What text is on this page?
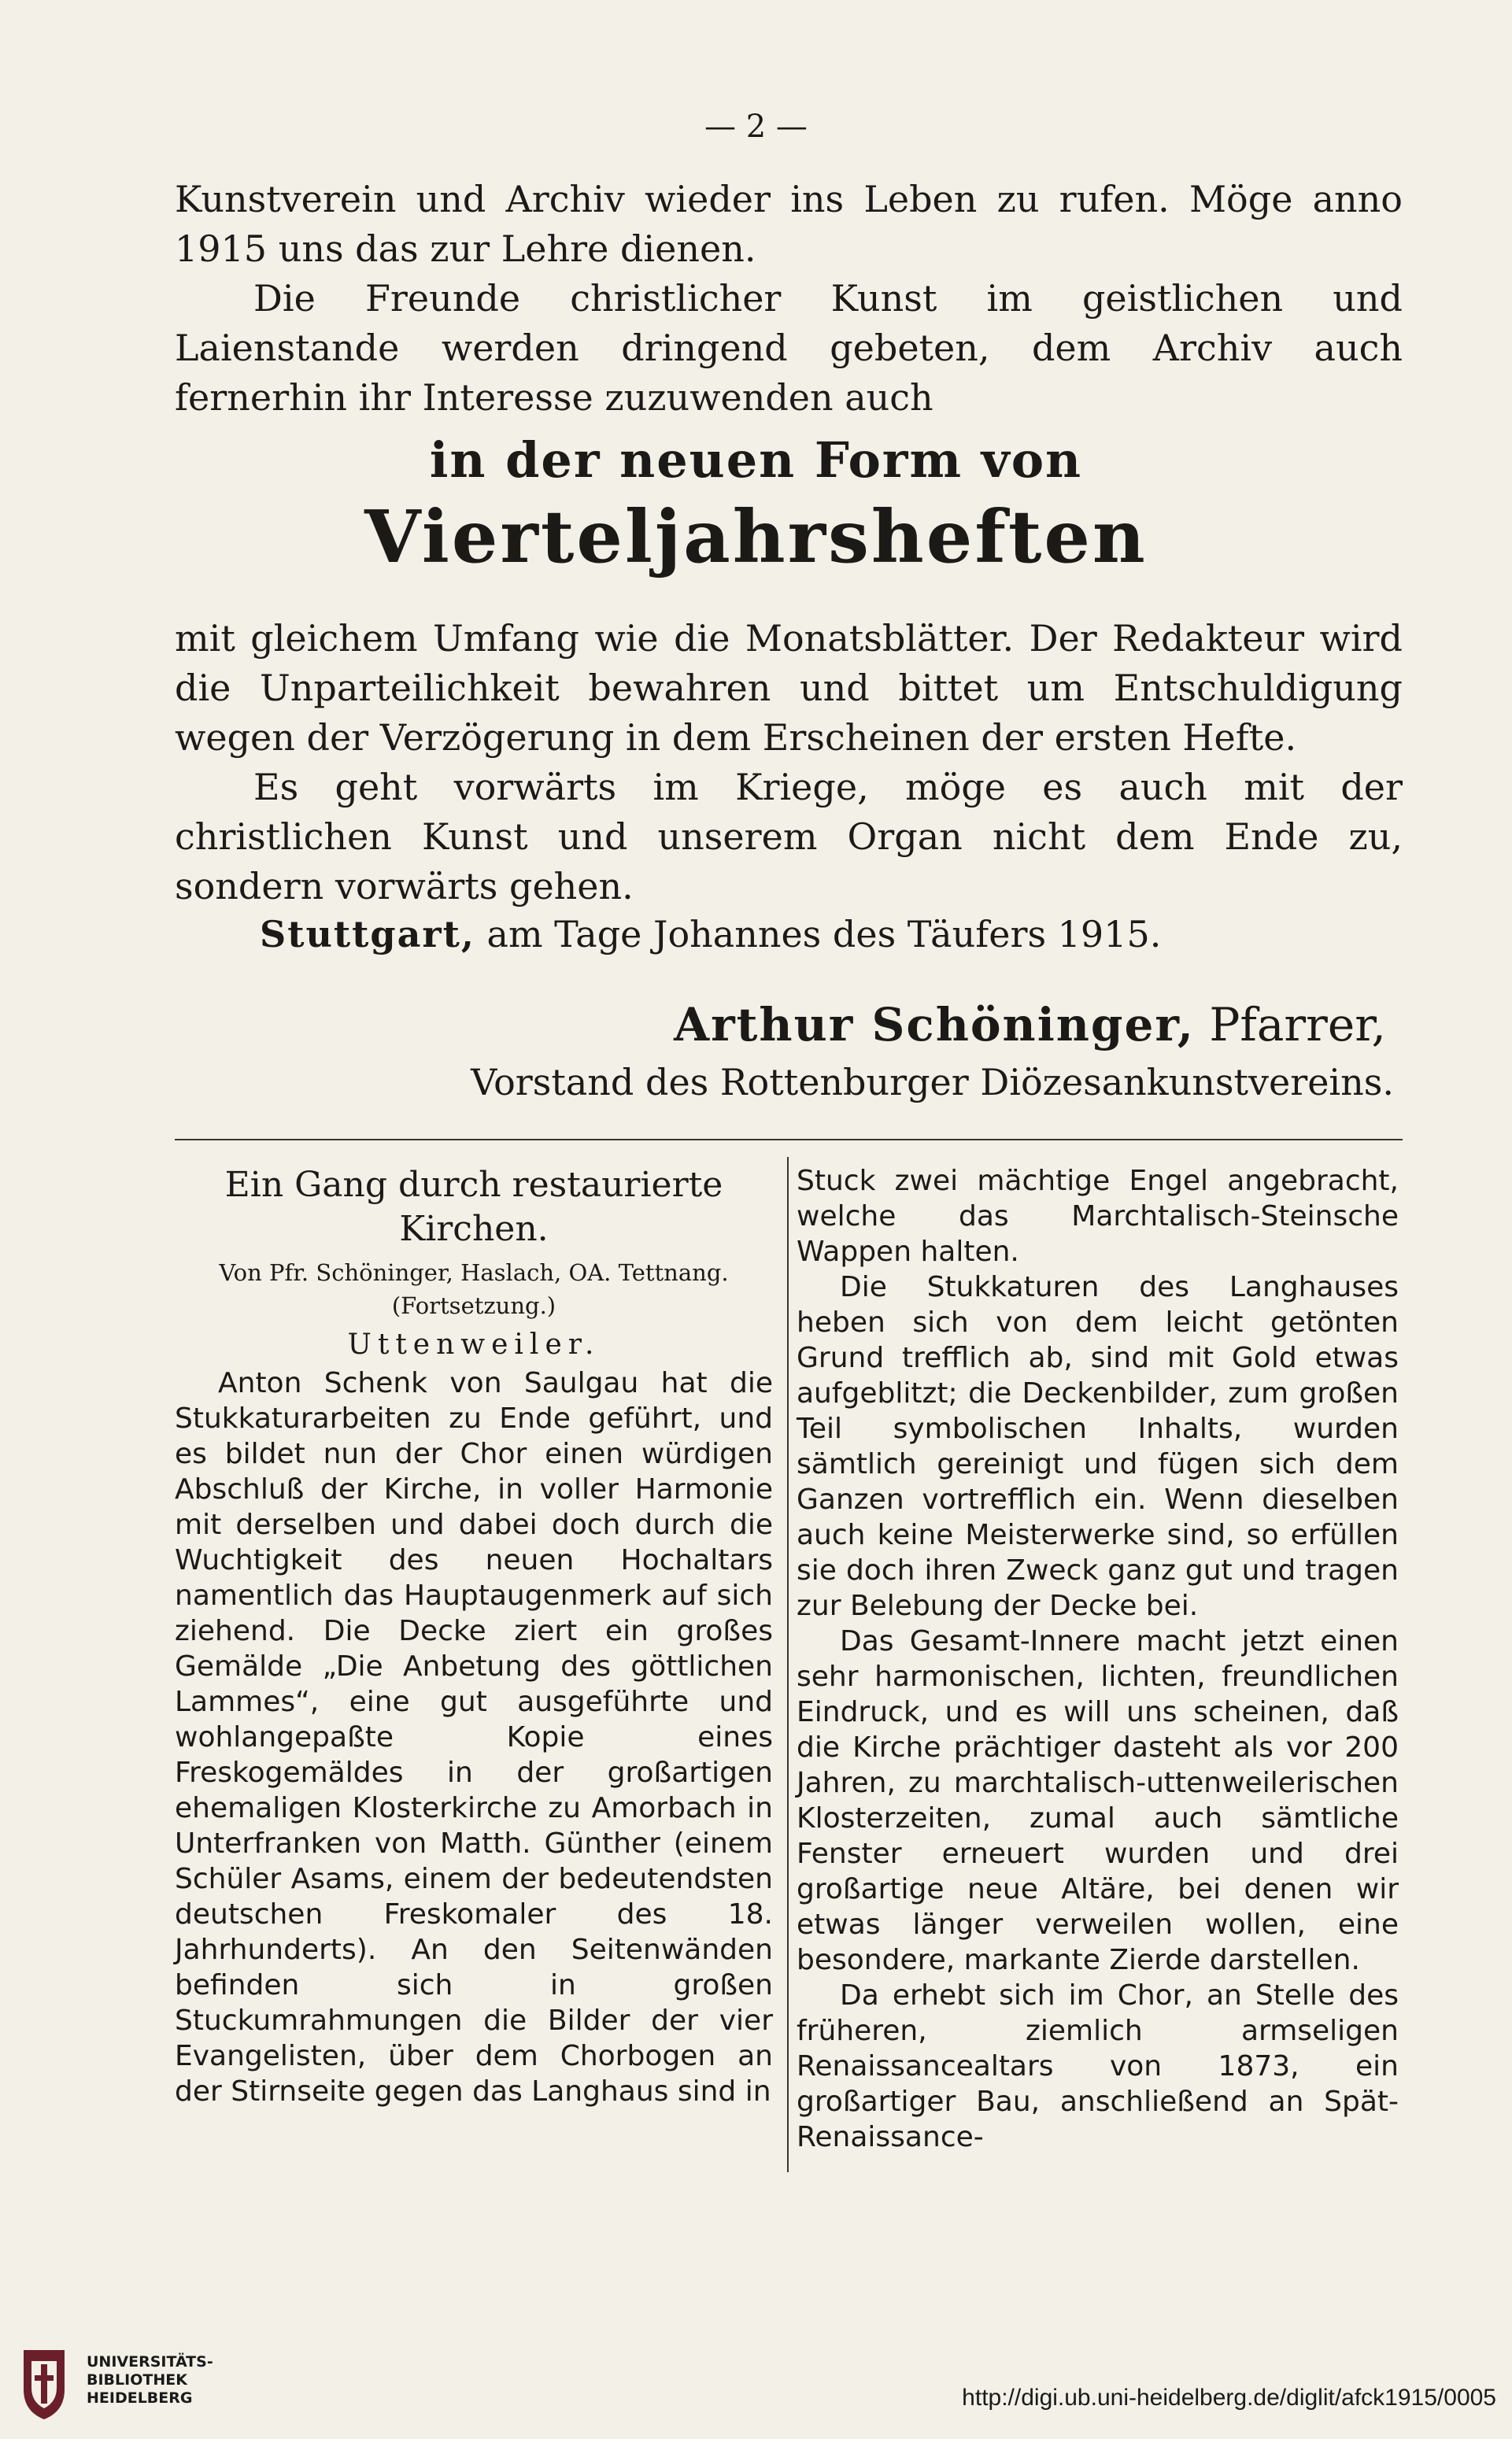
— 2 —

Kunstverein und Archiv wieder ins Leben zu rufen. Möge anno 1915 uns das zur Lehre dienen.

Die Freunde christlicher Kunst im geistlichen und Laienstande werden dringend gebeten, dem Archiv auch fernerhin ihr Interesse zuzuwenden auch

in der neuen Form von
Vierteljahrsheften

mit gleichem Umfang wie die Monatsblätter. Der Redakteur wird die Unparteilichkeit bewahren und bittet um Entschuldigung wegen der Verzögerung in dem Erscheinen der ersten Hefte.

Es geht vorwärts im Kriege, möge es auch mit der christlichen Kunst und unserem Organ nicht dem Ende zu, sondern vorwärts gehen.

Stuttgart, am Tage Johannes des Täufers 1915.
Arthur Schöninger, Pfarrer,
Vorstand des Rottenburger Diözesankunstvereins.

Ein Gang durch restaurierte Kirchen.

Von Pfr. Schöninger, Haslach, OA. Tettnang.

(Fortsetzung.)

Uttenweiler.

Anton Schenk von Saulgau hat die Stukkaturarbeiten zu Ende geführt, und es bildet nun der Chor einen würdigen Abschluß der Kirche, in voller Harmonie mit derselben und dabei doch durch die Wuchtigkeit des neuen Hochaltars namentlich das Hauptaugenmerk auf sich ziehend. Die Decke ziert ein großes Gemälde „Die Anbetung des göttlichen Lammes“, eine gut ausgeführte und wohlangepaßte Kopie eines Freskogemäldes in der großartigen ehemaligen Klosterkirche zu Amorbach in Unterfranken von Matth. Günther (einem Schüler Asams, einem der bedeutendsten deutschen Freskomaler des 18. Jahrhunderts). An den Seitenwänden befinden sich in großen Stuckumrahmungen die Bilder der vier Evangelisten, über dem Chorbogen an der Stirnseite gegen das Langhaus sind in

Stuck zwei mächtige Engel angebracht, welche das Marchtalisch-Steinsche Wappen halten.

Die Stukkaturen des Langhauses heben sich von dem leicht getönten Grund trefflich ab, sind mit Gold etwas aufgeblitzt; die Deckenbilder, zum großen Teil symbolischen Inhalts, wurden sämtlich gereinigt und fügen sich dem Ganzen vortrefflich ein. Wenn dieselben auch keine Meisterwerke sind, so erfüllen sie doch ihren Zweck ganz gut und tragen zur Belebung der Decke bei.

Das Gesamt-Innere macht jetzt einen sehr harmonischen, lichten, freundlichen Eindruck, und es will uns scheinen, daß die Kirche prächtiger dasteht als vor 200 Jahren, zu marchtalisch-uttenweilerischen Klosterzeiten, zumal auch sämtliche Fenster erneuert wurden und drei großartige neue Altäre, bei denen wir etwas länger verweilen wollen, eine besondere, markante Zierde darstellen.

Da erhebt sich im Chor, an Stelle des früheren, ziemlich armseligen Renaissancealtars von 1873, ein großartiger Bau, anschließend an Spät-Renaissance-

UNIVERSITÄTS-
BIBLIOTHEK
HEIDELBERG	http://digi.ub.uni-heidelberg.de/diglit/afck1915/0005
